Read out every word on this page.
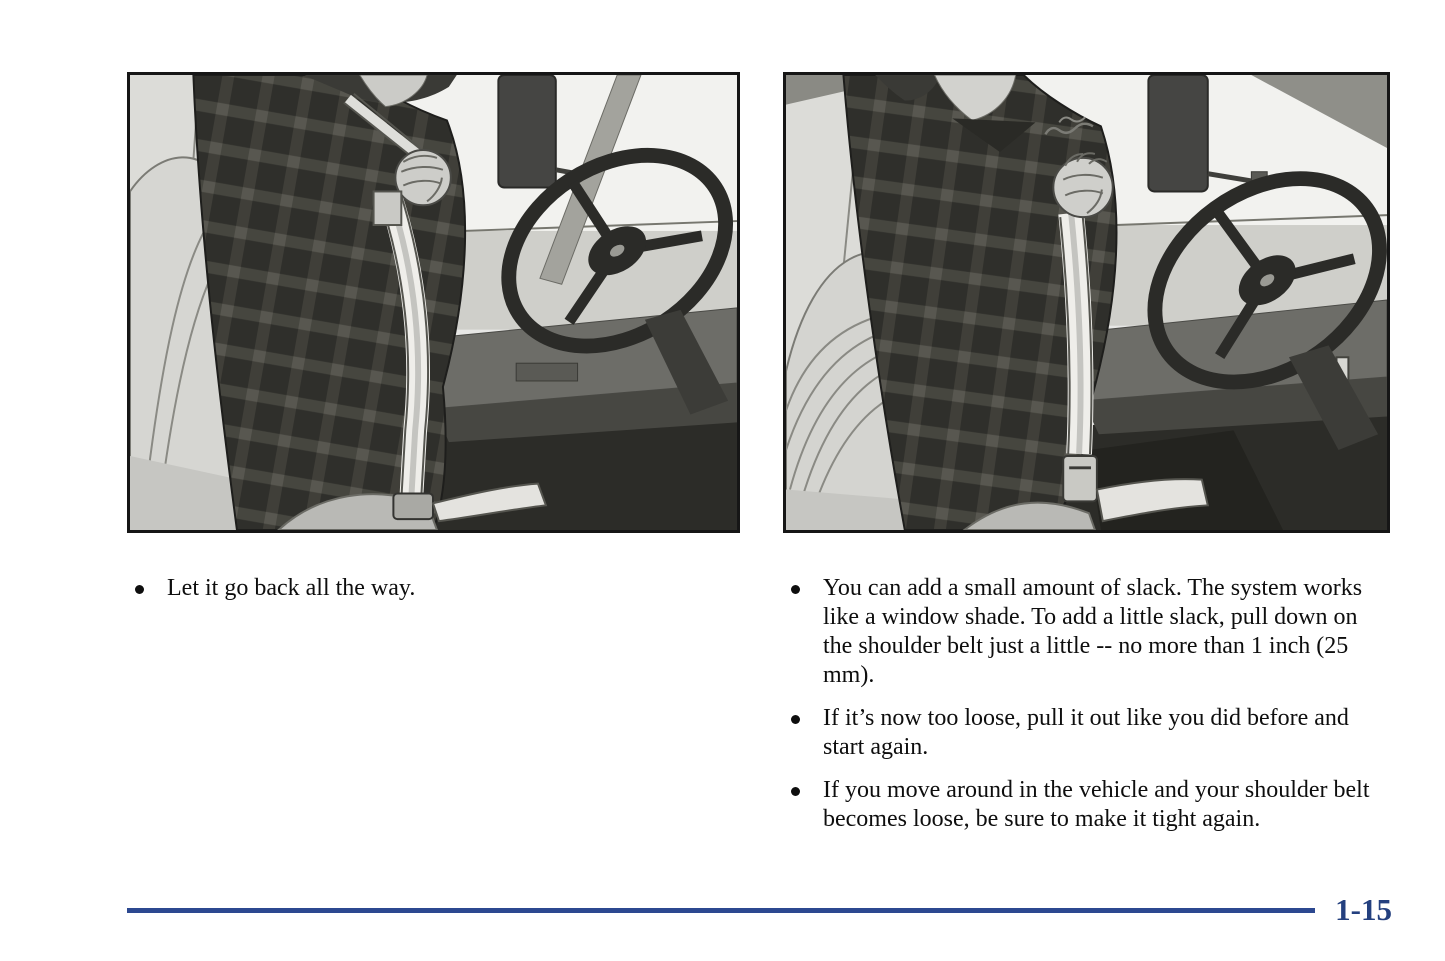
Let it go back all the way.	You can add a small amount of slack. The system works like a window shade. To add a little slack, pull down on the shoulder belt just a little -- no more than 1 inch (25 mm).
If it’s now too loose, pull it out like you did before and start again.
If you move around in the vehicle and your shoulder belt becomes loose, be sure to make it tight again.
1-15
